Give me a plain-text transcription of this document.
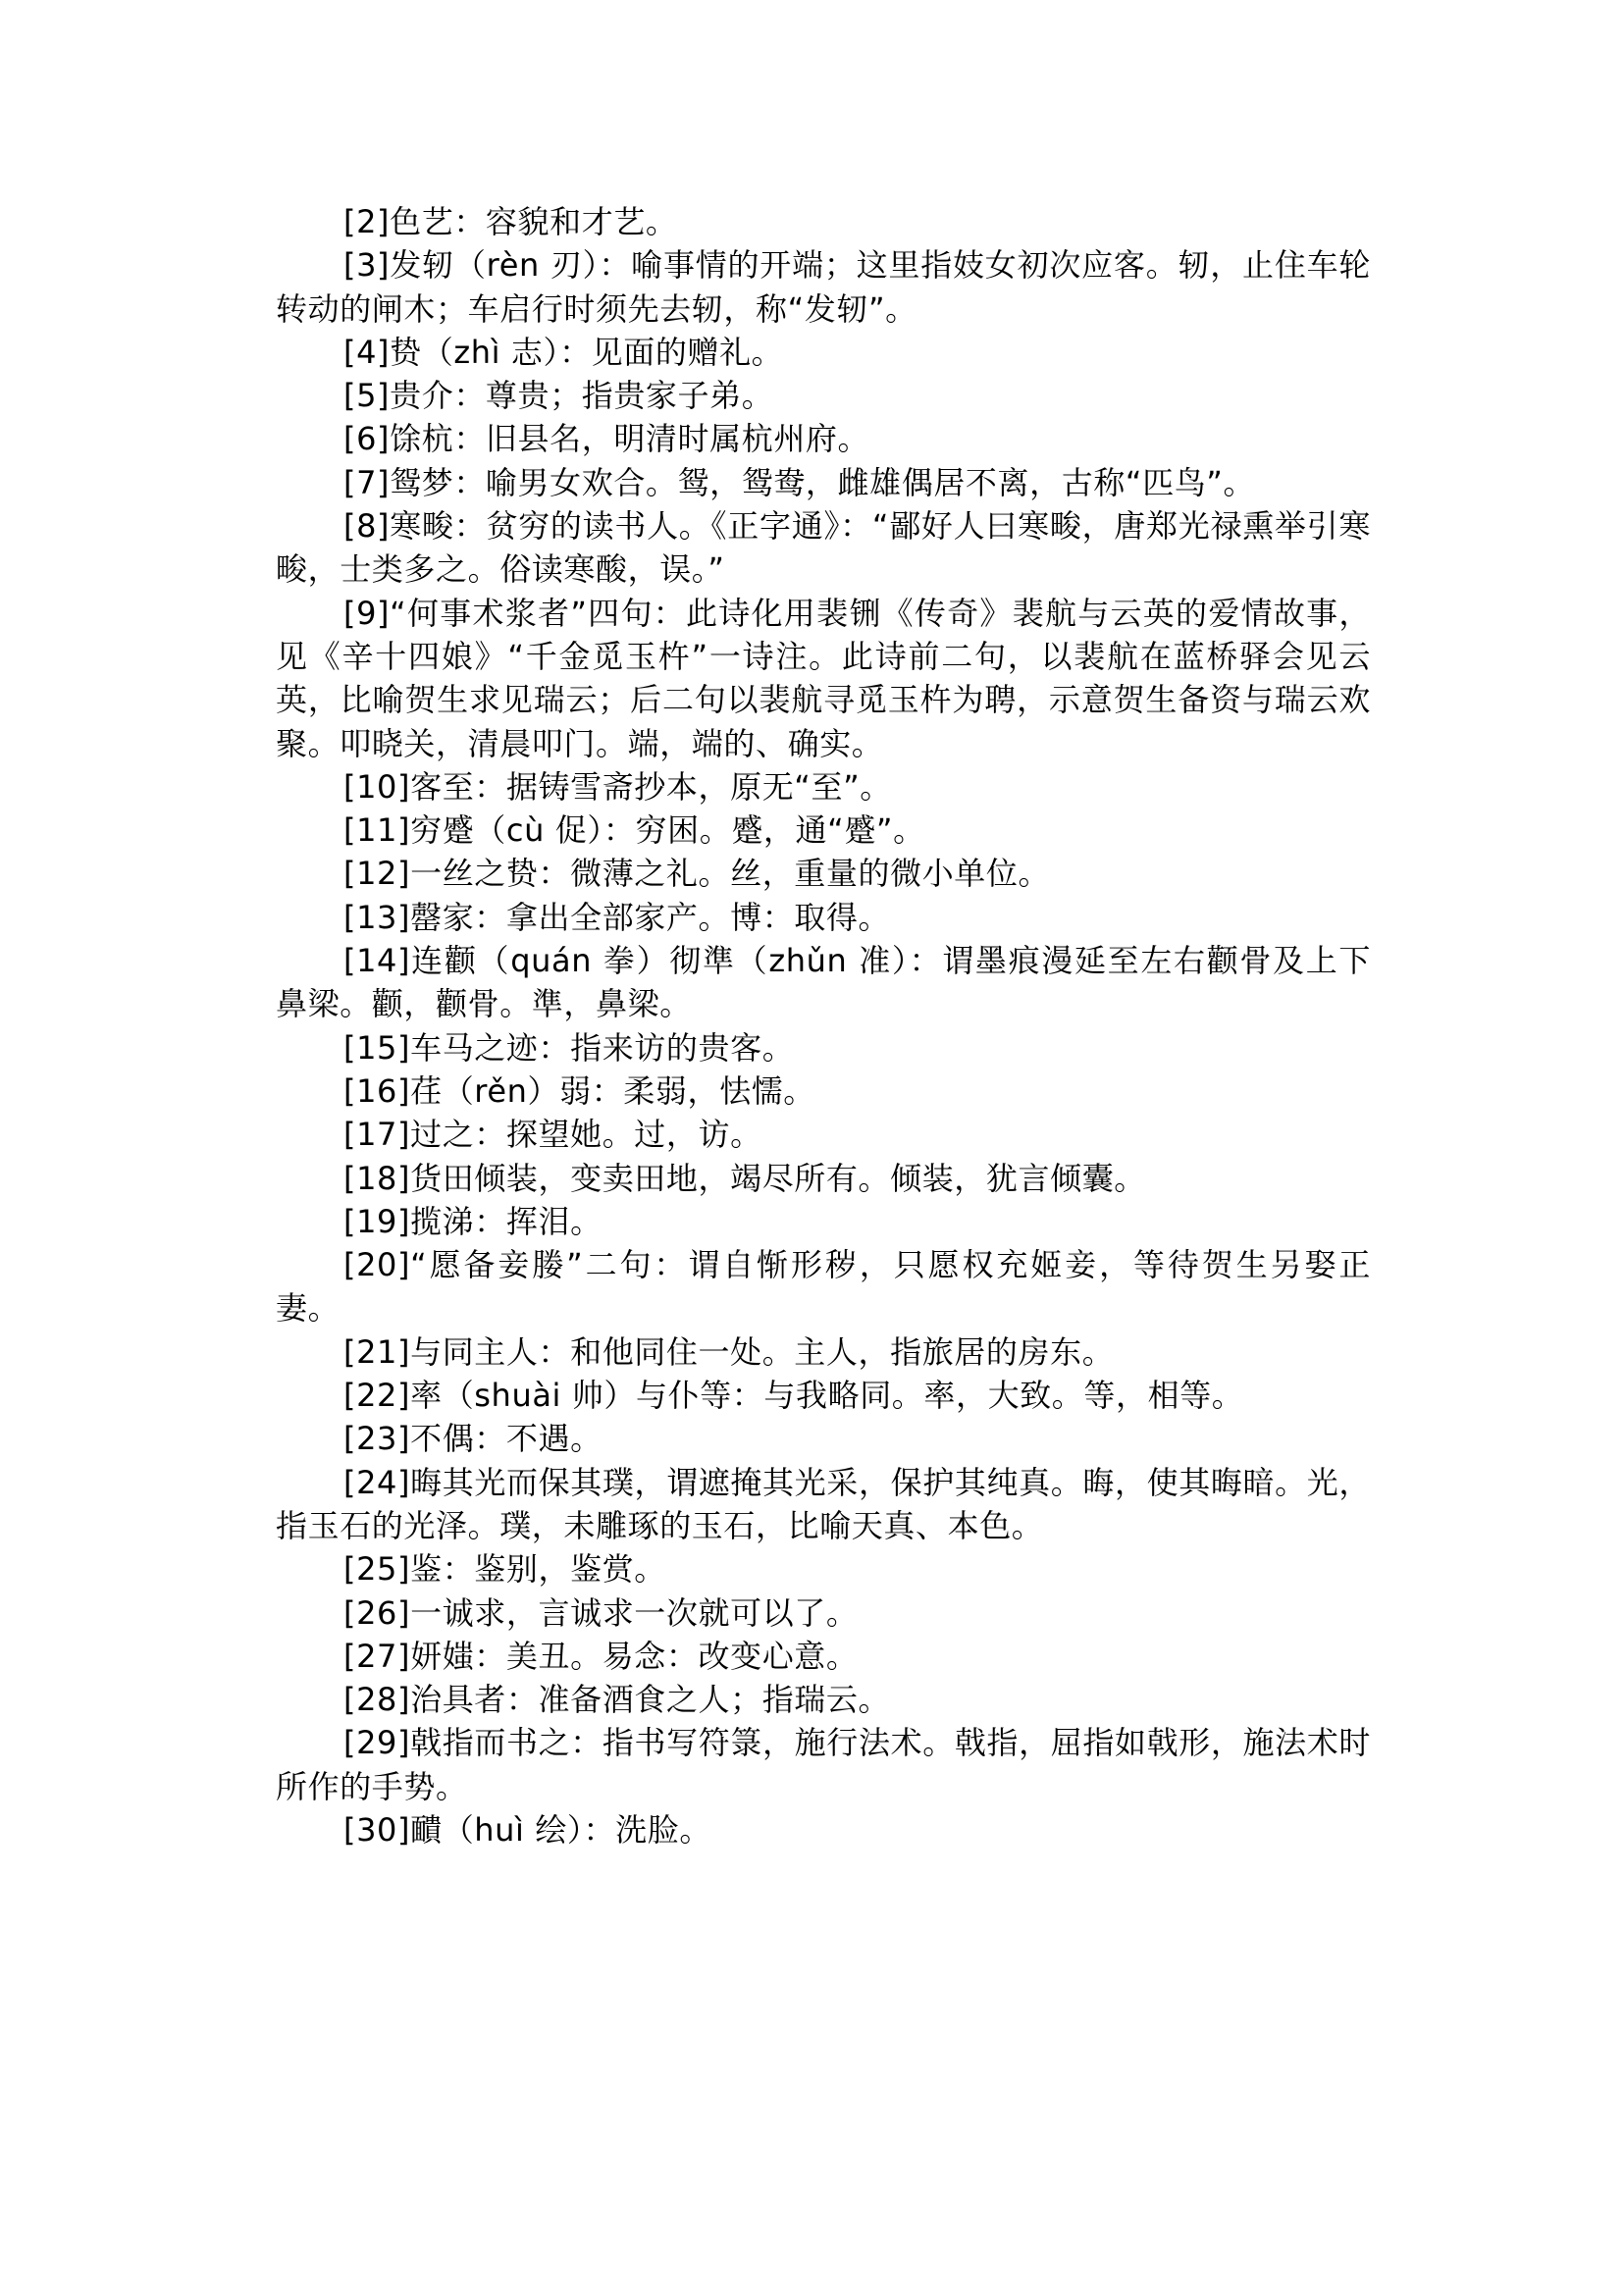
[2]色艺：容貌和才艺。

[3]发轫（rèn 刃）：喻事情的开端；这里指妓女初次应客。轫，止住车轮转动的闸木；车启行时须先去轫，称“发轫”。

[4]贽（zhì 志）：见面的赠礼。

[5]贵介：尊贵；指贵家子弟。

[6]馀杭：旧县名，明清时属杭州府。

[7]鸳梦：喻男女欢合。鸳，鸳鸯，雌雄偶居不离，古称“匹鸟”。

[8]寒畯：贫穷的读书人。《正字通》：“鄙好人曰寒畯，唐郑光禄熏举引寒畯，士类多之。俗读寒酸，误。”

[9]“何事术浆者”四句：此诗化用裴铏《传奇》裴航与云英的爱情故事，见《辛十四娘》“千金觅玉杵”一诗注。此诗前二句，以裴航在蓝桥驿会见云英，比喻贺生求见瑞云；后二句以裴航寻觅玉杵为聘，示意贺生备资与瑞云欢聚。叩晓关，清晨叩门。端，端的、确实。

[10]客至：据铸雪斋抄本，原无“至”。

[11]穷蹙（cù 促）：穷困。蹙，通“蹙”。

[12]一丝之贽：微薄之礼。丝，重量的微小单位。

[13]罄家：拿出全部家产。博：取得。

[14]连颧（quán 拳）彻準（zhǔn 准）：谓墨痕漫延至左右颧骨及上下鼻梁。颧，颧骨。準，鼻梁。

[15]车马之迹：指来访的贵客。

[16]荏（rěn）弱：柔弱，怯懦。

[17]过之：探望她。过，访。

[18]货田倾装，变卖田地，竭尽所有。倾装，犹言倾囊。

[19]揽涕：挥泪。

[20]“愿备妾媵”二句：谓自惭形秽，只愿权充姬妾，等待贺生另娶正妻。

[21]与同主人：和他同住一处。主人，指旅居的房东。

[22]率（shuài 帅）与仆等：与我略同。率，大致。等，相等。

[23]不偶：不遇。

[24]晦其光而保其璞，谓遮掩其光采，保护其纯真。晦，使其晦暗。光，指玉石的光泽。璞，未雕琢的玉石，比喻天真、本色。

[25]鉴：鉴别，鉴赏。

[26]一诚求，言诚求一次就可以了。

[27]妍媸：美丑。易念：改变心意。

[28]治具者：准备酒食之人；指瑞云。

[29]戟指而书之：指书写符箓，施行法术。戟指，屈指如戟形，施法术时所作的手势。

[30]靧（huì 绘）：洗脸。
